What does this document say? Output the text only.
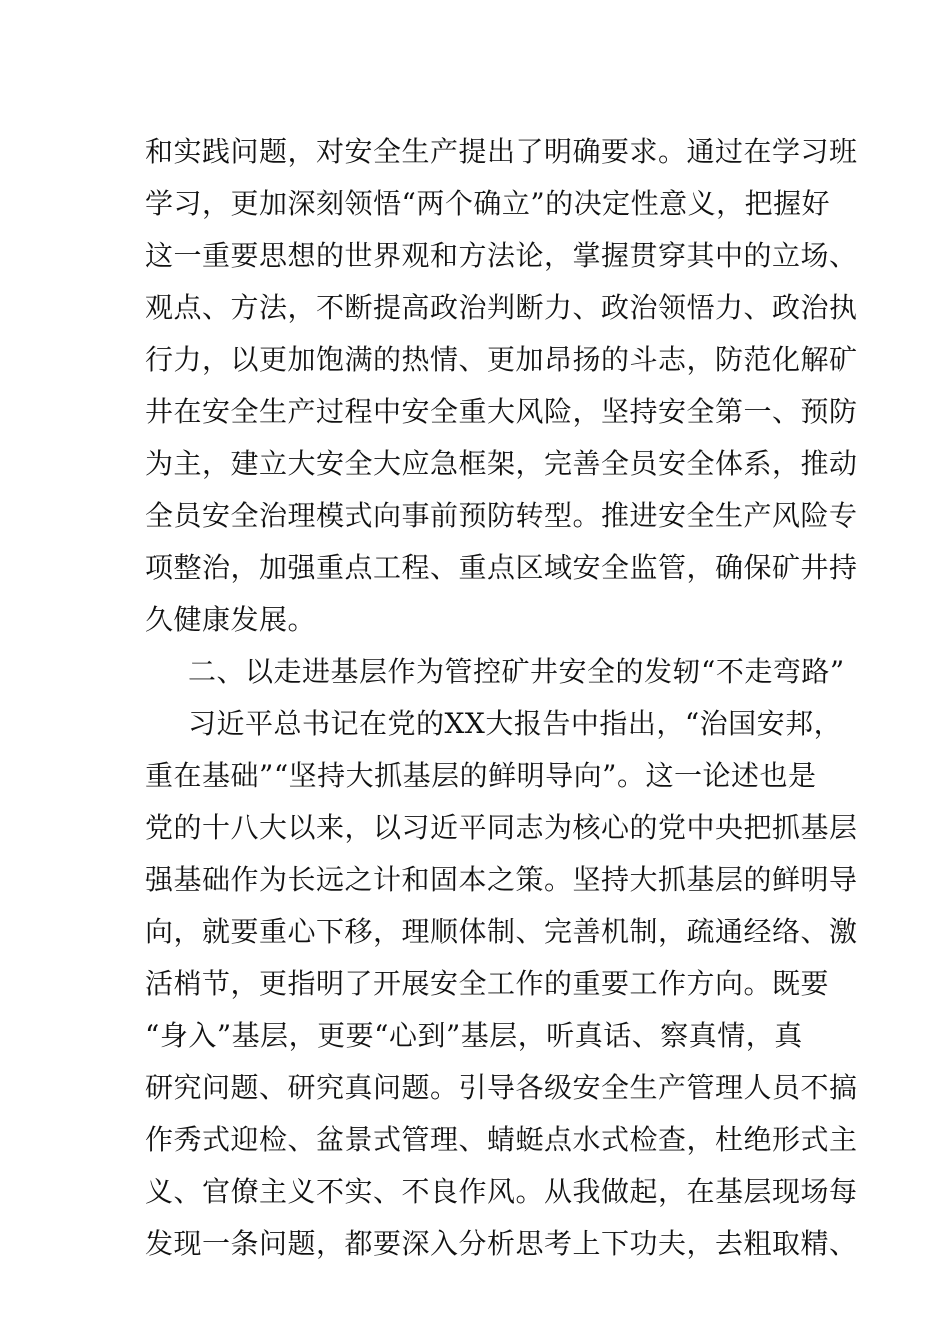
和实践问题，对安全生产提出了明确要求。通过在学习班
学习，更加深刻领悟“两个确立”的决定性意义，把握好
这一重要思想的世界观和方法论，掌握贯穿其中的立场、
观点、方法，不断提高政治判断力、政治领悟力、政治执
行力，以更加饱满的热情、更加昂扬的斗志，防范化解矿
井在安全生产过程中安全重大风险，坚持安全第一、预防
为主，建立大安全大应急框架，完善全员安全体系，推动
全员安全治理模式向事前预防转型。推进安全生产风险专
项整治，加强重点工程、重点区域安全监管，确保矿井持
久健康发展。
二、以走进基层作为管控矿井安全的发轫“不走弯路”
习近平总书记在党的XX大报告中指出，“治国安邦，
重在基础”“坚持大抓基层的鲜明导向”。这一论述也是
党的十八大以来，以习近平同志为核心的党中央把抓基层
强基础作为长远之计和固本之策。坚持大抓基层的鲜明导
向，就要重心下移，理顺体制、完善机制，疏通经络、激
活梢节，更指明了开展安全工作的重要工作方向。既要
“身入”基层，更要“心到”基层，听真话、察真情，真
研究问题、研究真问题。引导各级安全生产管理人员不搞
作秀式迎检、盆景式管理、蜻蜓点水式检查，杜绝形式主
义、官僚主义不实、不良作风。从我做起，在基层现场每
发现一条问题，都要深入分析思考上下功夫，去粗取精、
